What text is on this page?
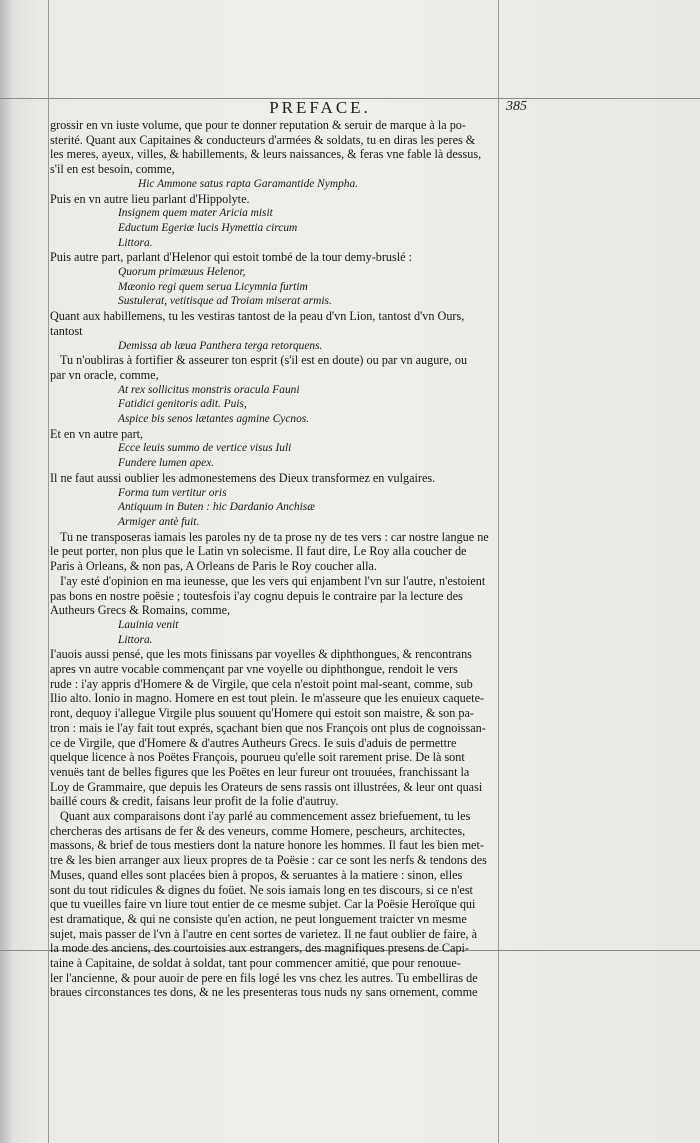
PREFACE.	385

grossir en vn iuste volume, que pour te donner reputation & seruir de marque à la po-

sterité. Quant aux Capitaines & conducteurs d'armées & soldats, tu en diras les peres &

les meres, ayeux, villes, & habillements, & leurs naissances, & feras vne fable là dessus,

s'il en est besoin, comme,

Hic Ammone satus rapta Garamantide Nympha.

Puis en vn autre lieu parlant d'Hippolyte.

Insignem quem mater Aricia misit

Eductum Egeriæ lucis Hymettia circum

Littora.

Puis autre part, parlant d'Helenor qui estoit tombé de la tour demy-bruslé :

Quorum primæuus Helenor,

Mæonio regi quem serua Licymnia furtim

Sustulerat, vetitisque ad Troiam miserat armis.

Quant aux habillemens, tu les vestiras tantost de la peau d'vn Lion, tantost d'vn Ours,

tantost

Demissa ab læua Panthera terga retorquens.

Tu n'oubliras à fortifier & asseurer ton esprit (s'il est en doute) ou par vn augure, ou

par vn oracle, comme,

At rex sollicitus monstris oracula Fauni

Fatidici genitoris adit. Puis,

Aspice bis senos lætantes agmine Cycnos.

Et en vn autre part,

Ecce leuis summo de vertice visus Iuli

Fundere lumen apex.

Il ne faut aussi oublier les admonestemens des Dieux transformez en vulgaires.

Forma tum vertitur oris

Antiquum in Buten : hic Dardanio Anchisæ

Armiger antè fuit.

Tu ne transposeras iamais les paroles ny de ta prose ny de tes vers : car nostre langue ne

le peut porter, non plus que le Latin vn solecisme. Il faut dire, Le Roy alla coucher de

Paris à Orleans, & non pas, A Orleans de Paris le Roy coucher alla.

I'ay esté d'opinion en ma ieunesse, que les vers qui enjambent l'vn sur l'autre, n'estoient

pas bons en nostre poësie ; toutesfois i'ay cognu depuis le contraire par la lecture des

Autheurs Grecs & Romains, comme,

Lauinia venit

Littora.

I'auois aussi pensé, que les mots finissans par voyelles & diphthongues, & rencontrans

apres vn autre vocable commençant par vne voyelle ou diphthongue, rendoit le vers

rude : i'ay appris d'Homere & de Virgile, que cela n'estoit point mal-seant, comme, sub

Ilio alto. Ionio in magno. Homere en est tout plein. Ie m'asseure que les enuieux caquete-

ront, dequoy i'allegue Virgile plus souuent qu'Homere qui estoit son maistre, & son pa-

tron : mais ie l'ay fait tout exprés, sçachant bien que nos François ont plus de cognoissan-

ce de Virgile, que d'Homere & d'autres Autheurs Grecs. Ie suis d'aduis de permettre

quelque licence à nos Poëtes François, pourueu qu'elle soit rarement prise. De là sont

venuës tant de belles figures que les Poëtes en leur fureur ont trouuées, franchissant la

Loy de Grammaire, que depuis les Orateurs de sens rassis ont illustrées, & leur ont quasi

baillé cours & credit, faisans leur profit de la folie d'autruy.

Quant aux comparaisons dont i'ay parlé au commencement assez briefuement, tu les

chercheras des artisans de fer & des veneurs, comme Homere, pescheurs, architectes,

massons, & brief de tous mestiers dont la nature honore les hommes. Il faut les bien met-

tre & les bien arranger aux lieux propres de ta Poësie : car ce sont les nerfs & tendons des

Muses, quand elles sont placées bien à propos, & seruantes à la matiere : sinon, elles

sont du tout ridicules & dignes du foüet. Ne sois iamais long en tes discours, si ce n'est

que tu vueilles faire vn liure tout entier de ce mesme subjet. Car la Poësie Heroïque qui

est dramatique, & qui ne consiste qu'en action, ne peut longuement traicter vn mesme

sujet, mais passer de l'vn à l'autre en cent sortes de varietez. Il ne faut oublier de faire, à

la mode des anciens, des courtoisies aux estrangers, des magnifiques presens de Capi-

taine à Capitaine, de soldat à soldat, tant pour commencer amitié, que pour renouue-

ler l'ancienne, & pour auoir de pere en fils logé les vns chez les autres. Tu embelliras de

braues circonstances tes dons, & ne les presenteras tous nuds ny sans ornement, comme
